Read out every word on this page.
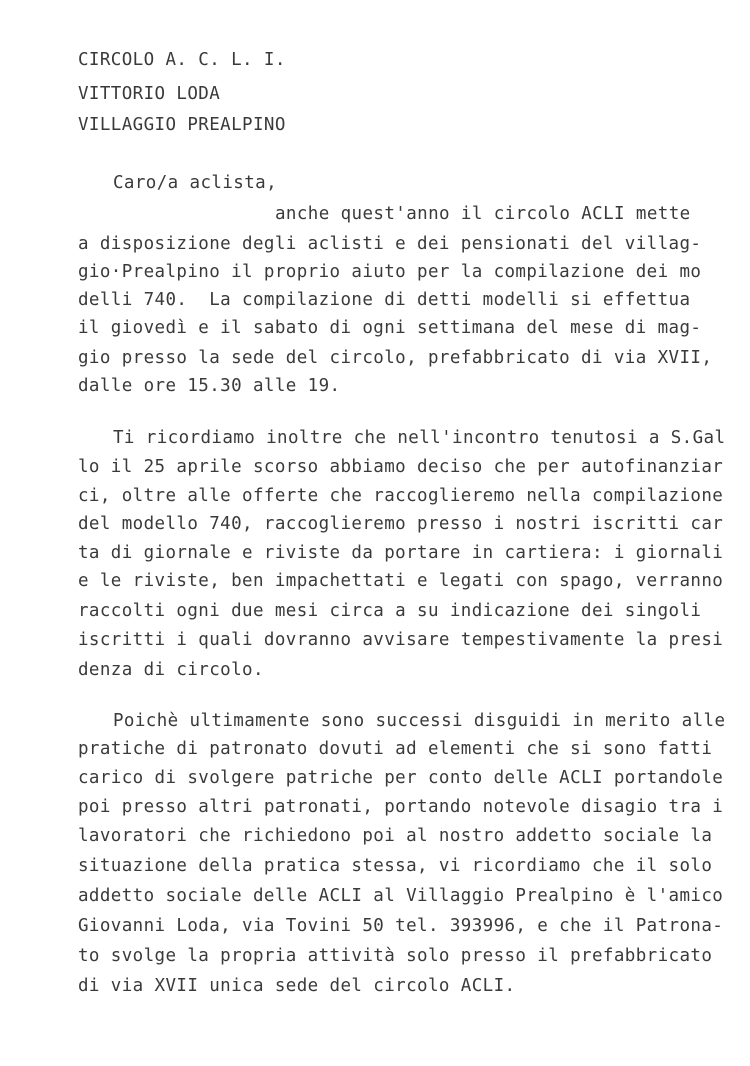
CIRCOLO A. C. L. I.
VITTORIO LODA
VILLAGGIO PREALPINO
Caro/a aclista,
anche quest'anno il circolo ACLI mette
a disposizione degli aclisti e dei pensionati del villag-
gio·Prealpino il proprio aiuto per la compilazione dei mo
delli 740.  La compilazione di detti modelli si effettua
il giovedì e il sabato di ogni settimana del mese di mag-
gio presso la sede del circolo, prefabbricato di via XVII,
dalle ore 15.30 alle 19.
Ti ricordiamo inoltre che nell'incontro tenutosi a S.Gal
lo il 25 aprile scorso abbiamo deciso che per autofinanziar
ci, oltre alle offerte che raccoglieremo nella compilazione
del modello 740, raccoglieremo presso i nostri iscritti car
ta di giornale e riviste da portare in cartiera: i giornali
e le riviste, ben impachettati e legati con spago, verranno
raccolti ogni due mesi circa a su indicazione dei singoli
iscritti i quali dovranno avvisare tempestivamente la presi
denza di circolo.
Poichè ultimamente sono successi disguidi in merito alle
pratiche di patronato dovuti ad elementi che si sono fatti
carico di svolgere patriche per conto delle ACLI portandole
poi presso altri patronati, portando notevole disagio tra i
lavoratori che richiedono poi al nostro addetto sociale la
situazione della pratica stessa, vi ricordiamo che il solo
addetto sociale delle ACLI al Villaggio Prealpino è l'amico
Giovanni Loda, via Tovini 50 tel. 393996, e che il Patrona-
to svolge la propria attività solo presso il prefabbricato
di via XVII unica sede del circolo ACLI.
